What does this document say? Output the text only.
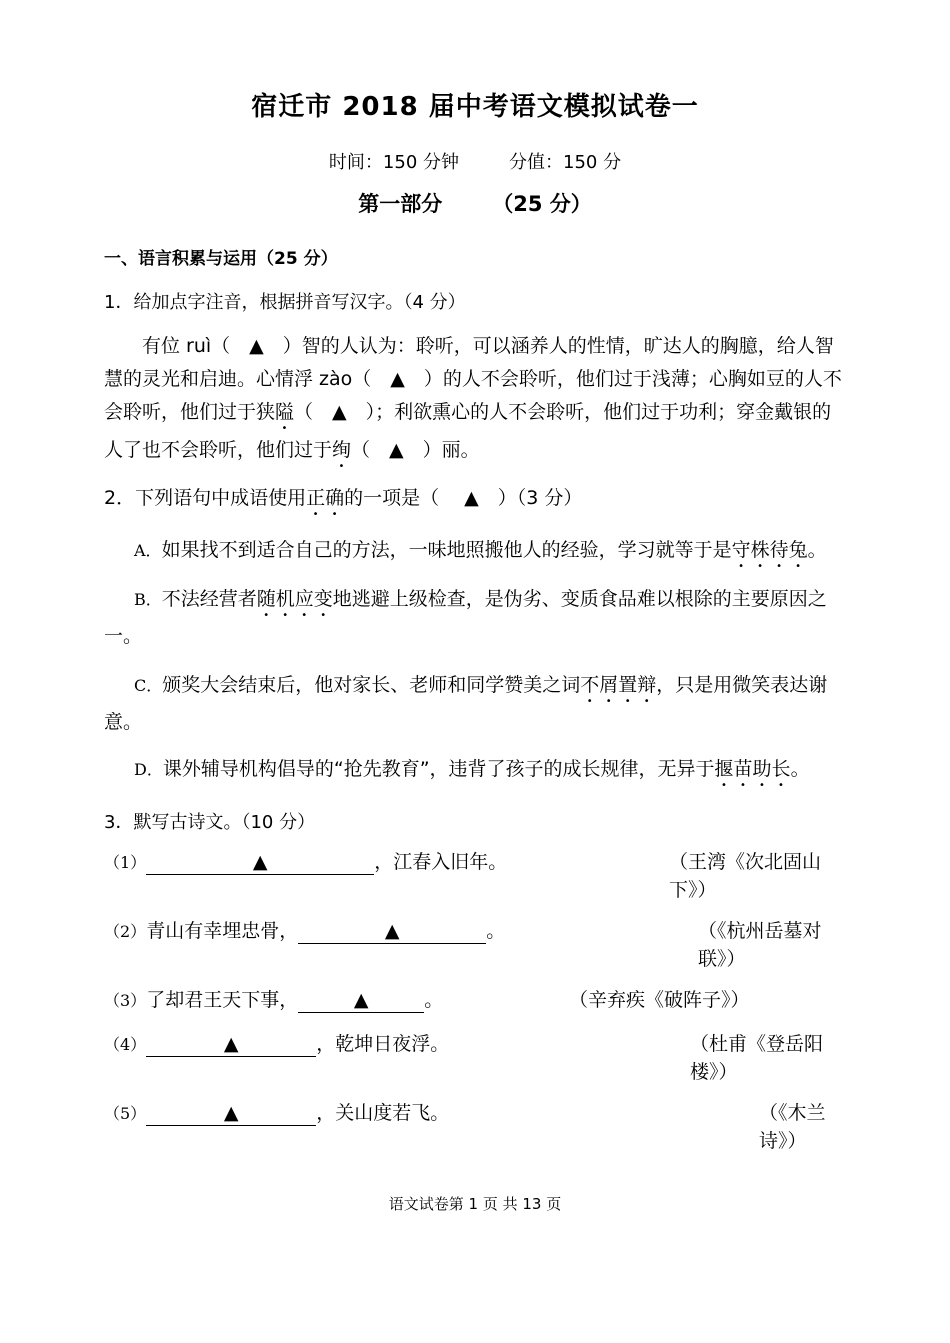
宿迁市 2018 届中考语文模拟试卷一
时间：150 分钟	分值：150 分
第一部分 （25 分）
一、语言积累与运用（25 分）
1．给加点字注音，根据拼音写汉字。（4 分）
有位 ruì（　▲　）智的人认为：聆听，可以涵养人的性情，旷达人的胸臆，给人智慧的灵光和启迪。心情浮 zào（　▲　）的人不会聆听，他们过于浅薄；心胸如豆的人不会聆听，他们过于狭隘（　▲　）；利欲熏心的人不会聆听，他们过于功利；穿金戴银的人了也不会聆听，他们过于绚（　▲　）丽。
2．下列语句中成语使用正确的一项是（　 ▲　）（3 分）
A．如果找不到适合自己的方法，一味地照搬他人的经验，学习就等于是守株待兔。
B．不法经营者随机应变地逃避上级检查，是伪劣、变质食品难以根除的主要原因之一。
C．颁奖大会结束后，他对家长、老师和同学赞美之词不屑置辩，只是用微笑表达谢意。
D．课外辅导机构倡导的“抢先教育”，违背了孩子的成长规律，无异于揠苗助长。
3．默写古诗文。（10 分）
（1）	▲	，江春入旧年。	（王湾《次北固山下》）
（2）青山有幸埋忠骨，	▲	。	（《杭州岳墓对联》）
（3）了却君王天下事，	▲	。	（辛弃疾《破阵子》）
（4）	▲	，乾坤日夜浮。	（杜甫《登岳阳楼》）
（5）	▲	，关山度若飞。	（《木兰诗》）
语文试卷第 1 页 共 13 页
